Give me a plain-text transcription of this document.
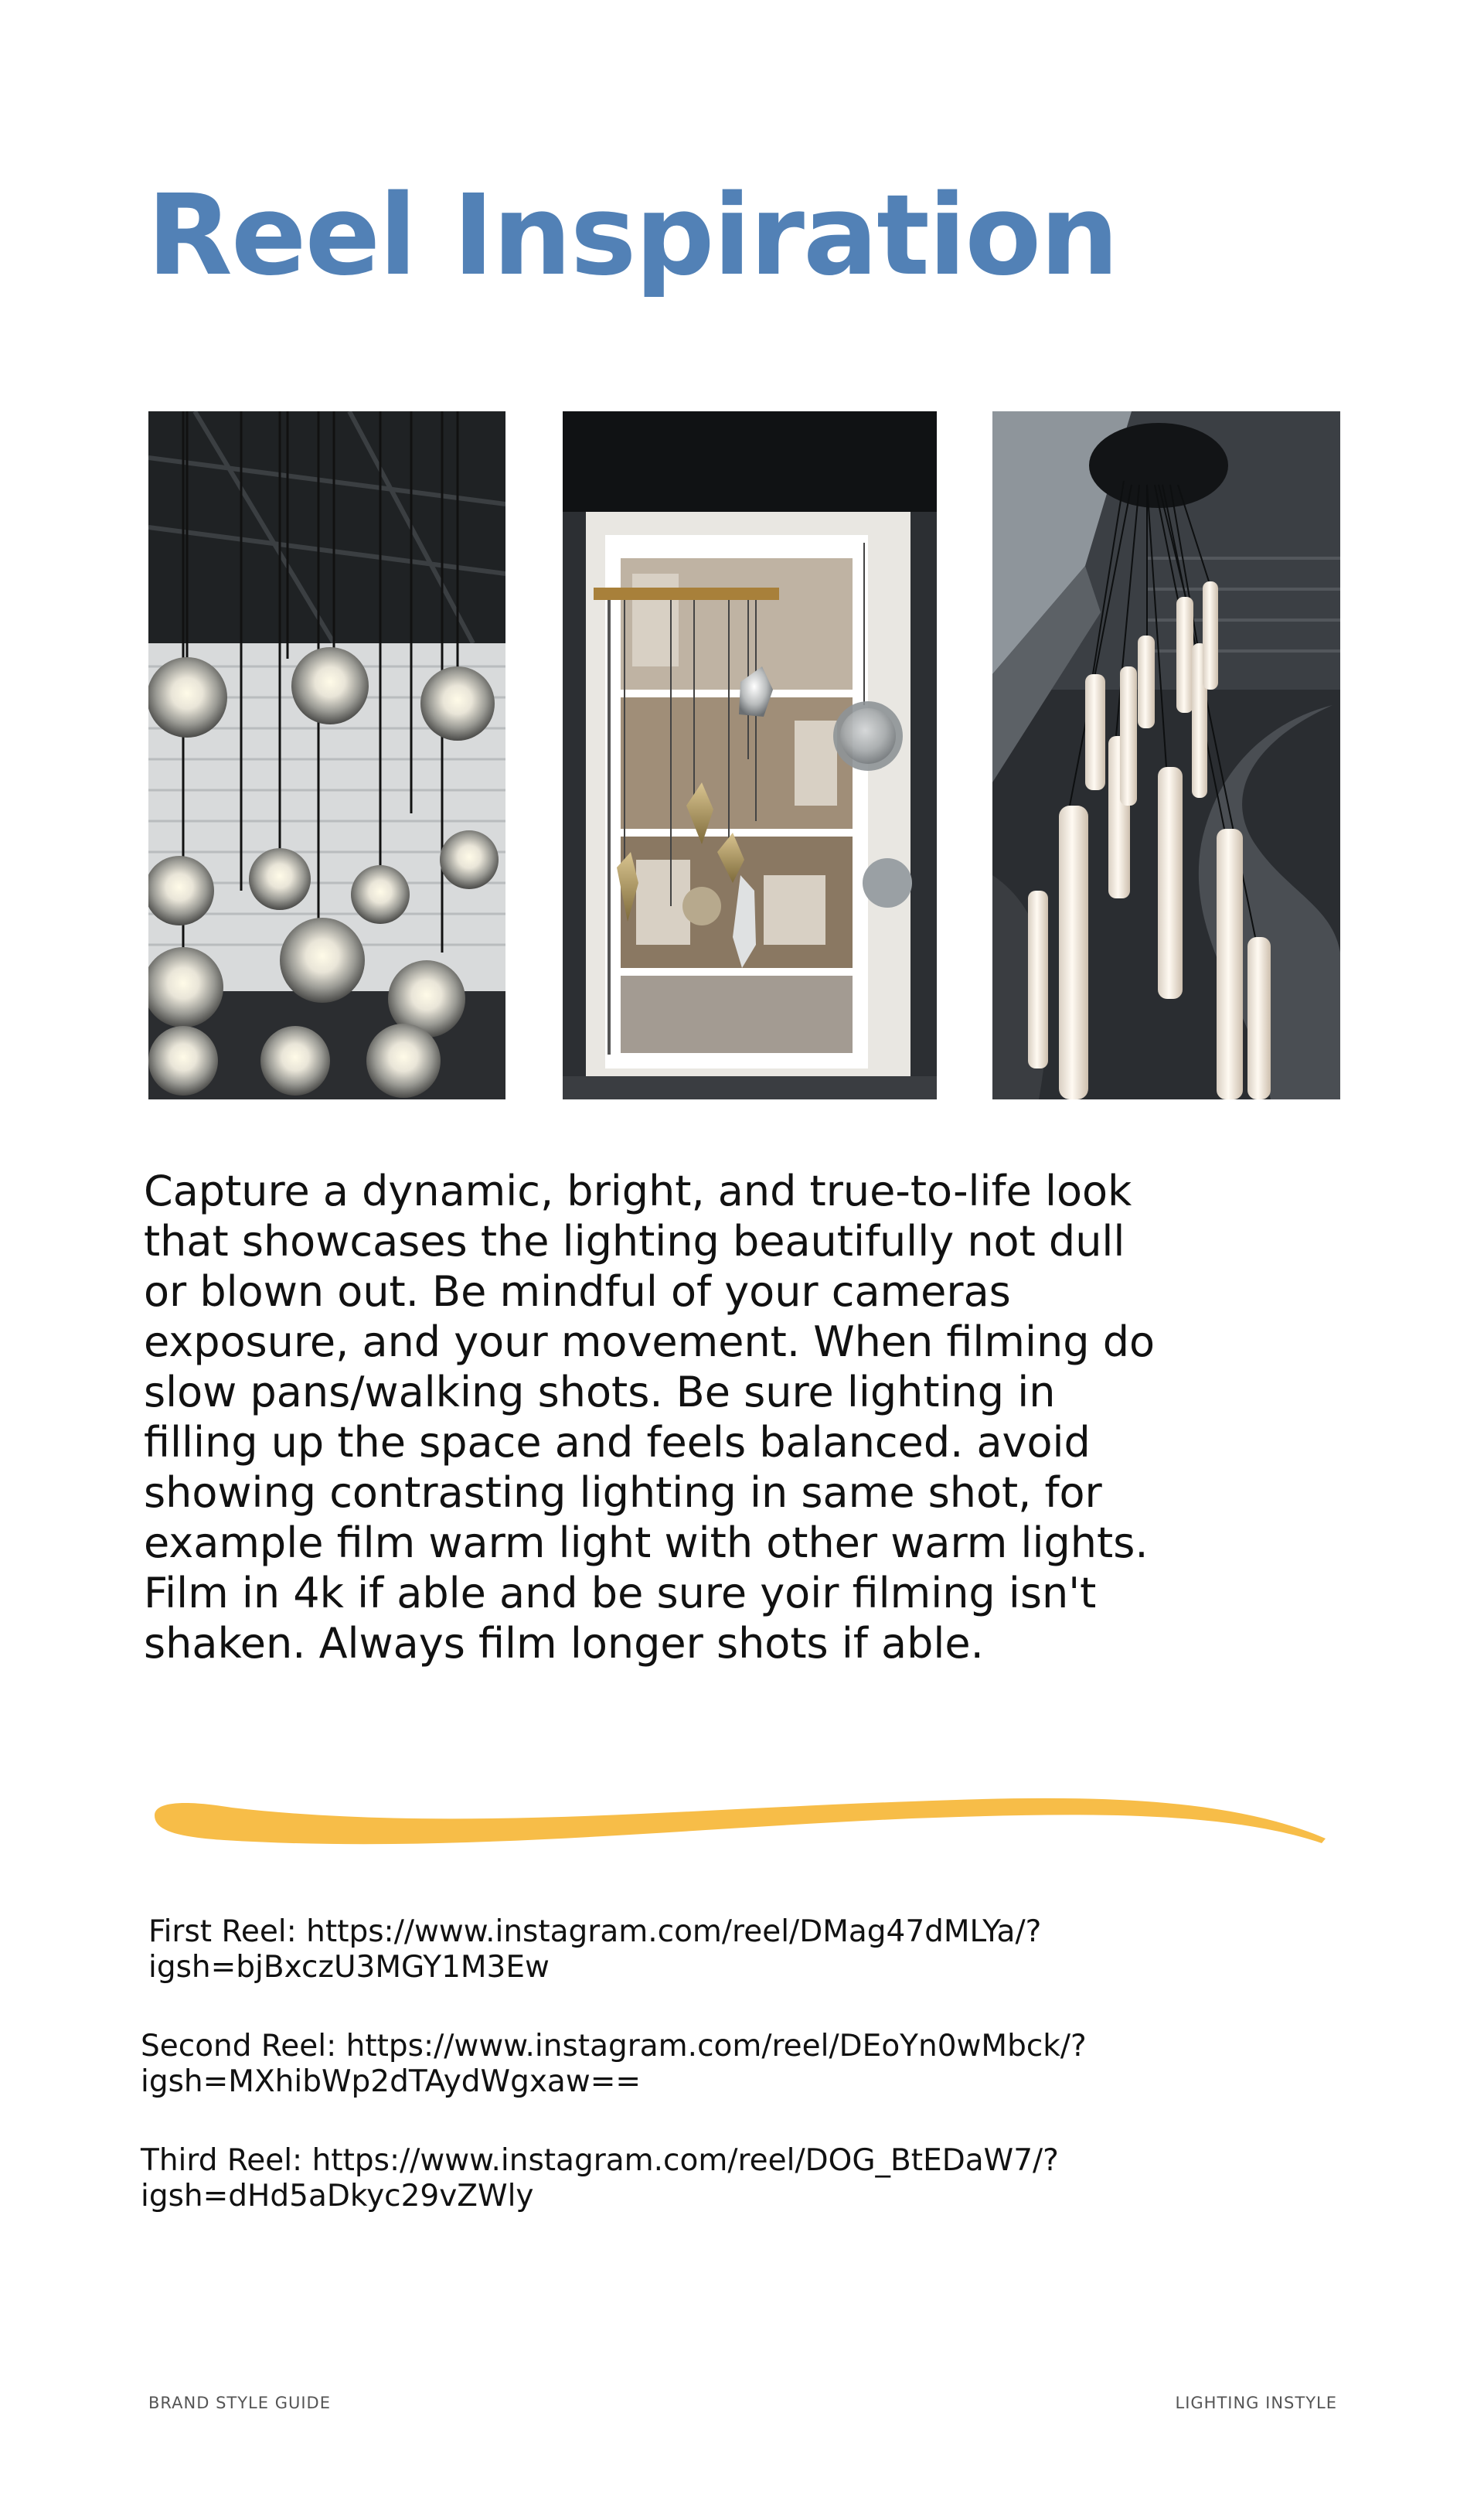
Reel Inspiration

Capture a dynamic, bright, and true-to-life look that showcases the lighting beautifully not dull or blown out. Be mindful of your cameras exposure, and your movement. When filming do slow pans/walking shots. Be sure lighting in filling up the space and feels balanced. avoid showing contrasting lighting in same shot, for example film warm light with other warm lights. Film in 4k if able and be sure yoir filming isn't shaken. Always film longer shots if able.

First Reel: https://www.instagram.com/reel/DMag47dMLYa/?
igsh=bjBxczU3MGY1M3Ew

Second Reel: https://www.instagram.com/reel/DEoYn0wMbck/?
igsh=MXhibWp2dTAydWgxaw==

Third Reel: https://www.instagram.com/reel/DOG_BtEDaW7/?
igsh=dHd5aDkyc29vZWly

BRAND STYLE GUIDE	LIGHTING INSTYLE
